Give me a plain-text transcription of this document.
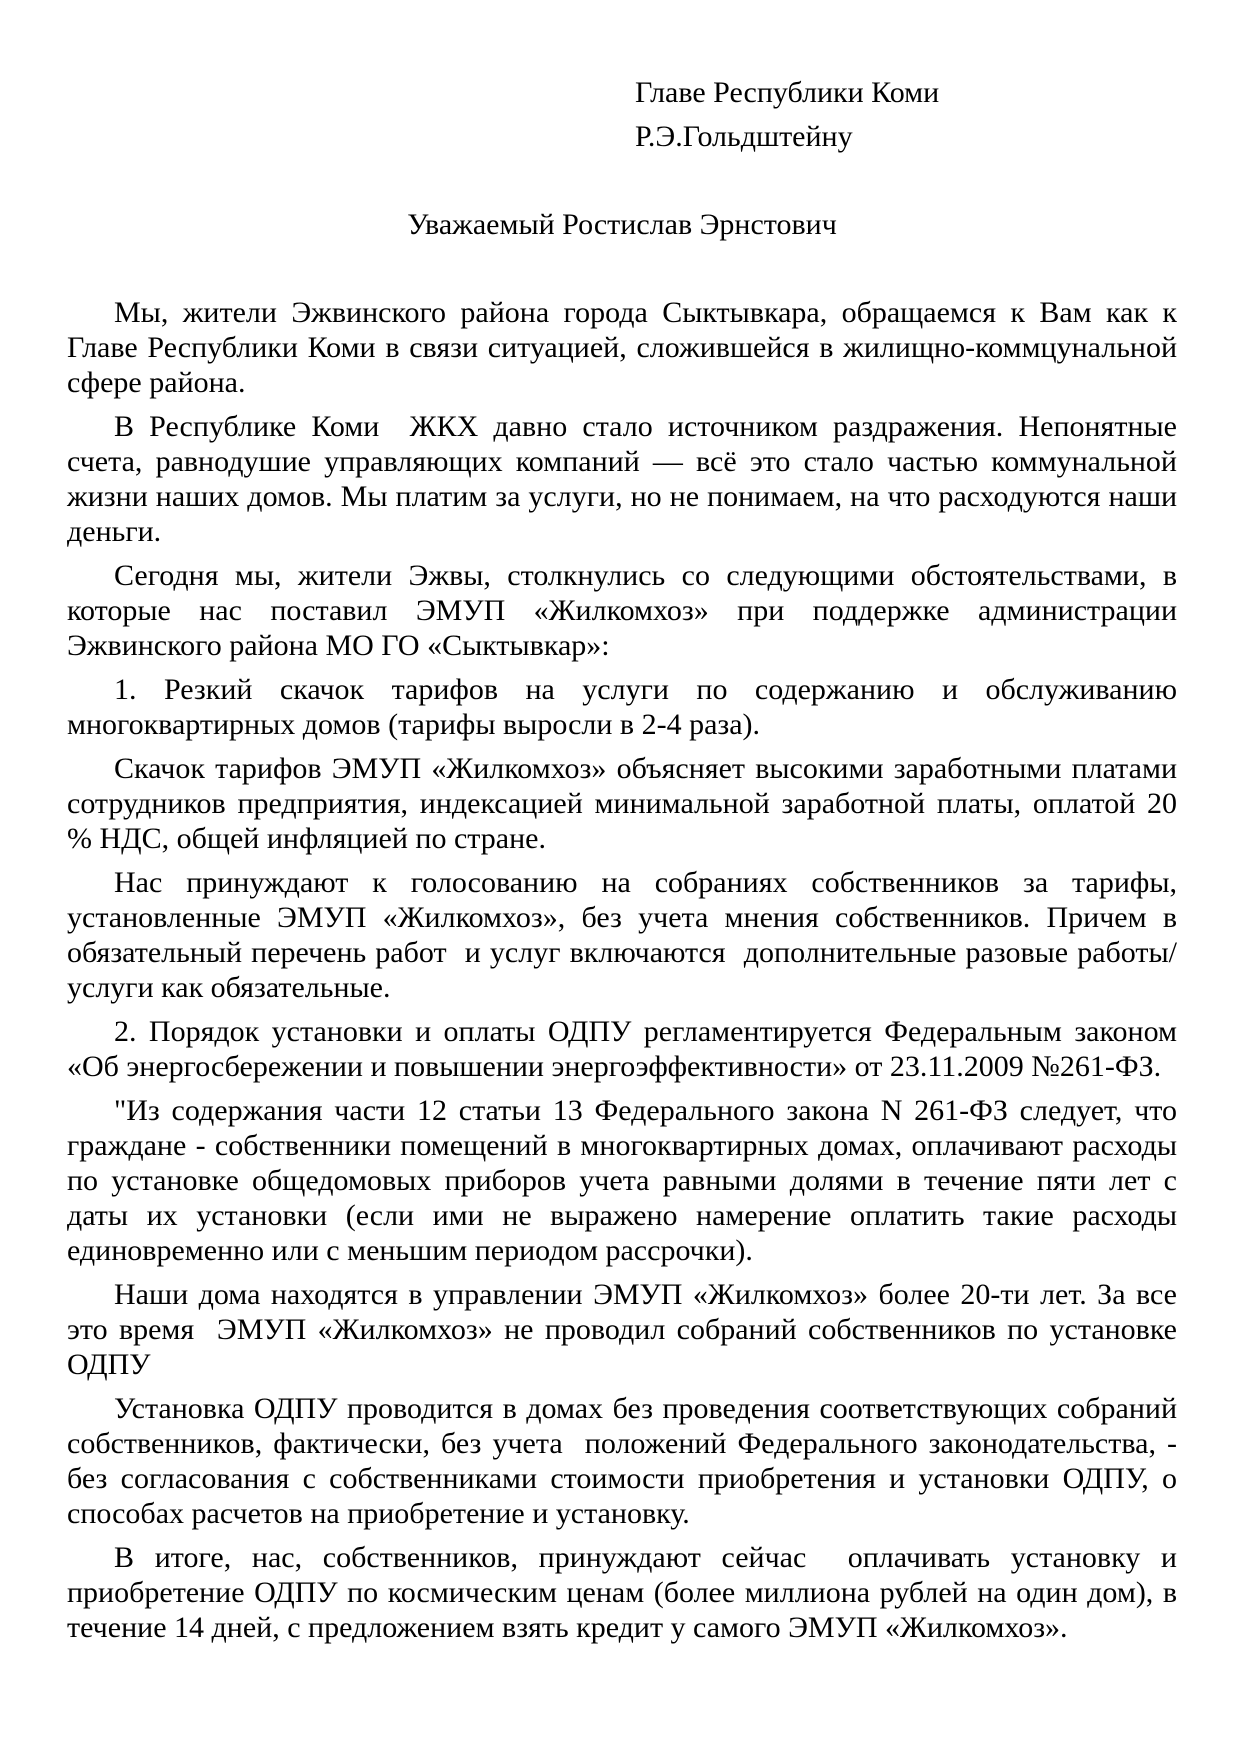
Главе Республики Коми
Р.Э.Гольдштейну
Уважаемый Ростислав Эрнстович

Мы, жители Эжвинского района города Сыктывкара, обращаемся к Вам как к Главе Республики Коми в связи ситуацией, сложившейся в жилищно-коммцунальной сфере района.

В Республике Коми  ЖКХ давно стало источником раздражения. Непонятные счета, равнодушие управляющих компаний — всё это стало частью коммунальной жизни наших домов. Мы платим за услуги, но не понимаем, на что расходуются наши деньги.

Сегодня мы, жители Эжвы, столкнулись со следующими обстоятельствами, в которые нас поставил ЭМУП «Жилкомхоз» при поддержке администрации Эжвинского района МО ГО «Сыктывкар»:

1. Резкий скачок тарифов на услуги по содержанию и обслуживанию многоквартирных домов (тарифы выросли в 2-4 раза).

Скачок тарифов ЭМУП «Жилкомхоз» объясняет высокими заработными платами сотрудников предприятия, индексацией минимальной заработной платы, оплатой 20 % НДС, общей инфляцией по стране.

Нас принуждают к голосованию на собраниях собственников за тарифы, установленные ЭМУП «Жилкомхоз», без учета мнения собственников. Причем в обязательный перечень работ  и услуг включаются  дополнительные разовые работы/ услуги как обязательные.

2. Порядок установки и оплаты ОДПУ регламентируется Федеральным законом «Об энергосбережении и повышении энергоэффективности» от 23.11.2009 №261-ФЗ.

"Из содержания части 12 статьи 13 Федерального закона N 261-ФЗ следует, что граждане - собственники помещений в многоквартирных домах, оплачивают расходы по установке общедомовых приборов учета равными долями в течение пяти лет с даты их установки (если ими не выражено намерение оплатить такие расходы единовременно или с меньшим периодом рассрочки).

Наши дома находятся в управлении ЭМУП «Жилкомхоз» более 20-ти лет. За все это время  ЭМУП «Жилкомхоз» не проводил собраний собственников по установке ОДПУ

Установка ОДПУ проводится в домах без проведения соответствующих собраний собственников, фактически, без учета  положений Федерального законодательства, - без согласования с собственниками стоимости приобретения и установки ОДПУ, о способах расчетов на приобретение и установку.

В итоге, нас, собственников, принуждают сейчас  оплачивать установку и приобретение ОДПУ по космическим ценам (более миллиона рублей на один дом), в течение 14 дней, с предложением взять кредит у самого ЭМУП «Жилкомхоз».
